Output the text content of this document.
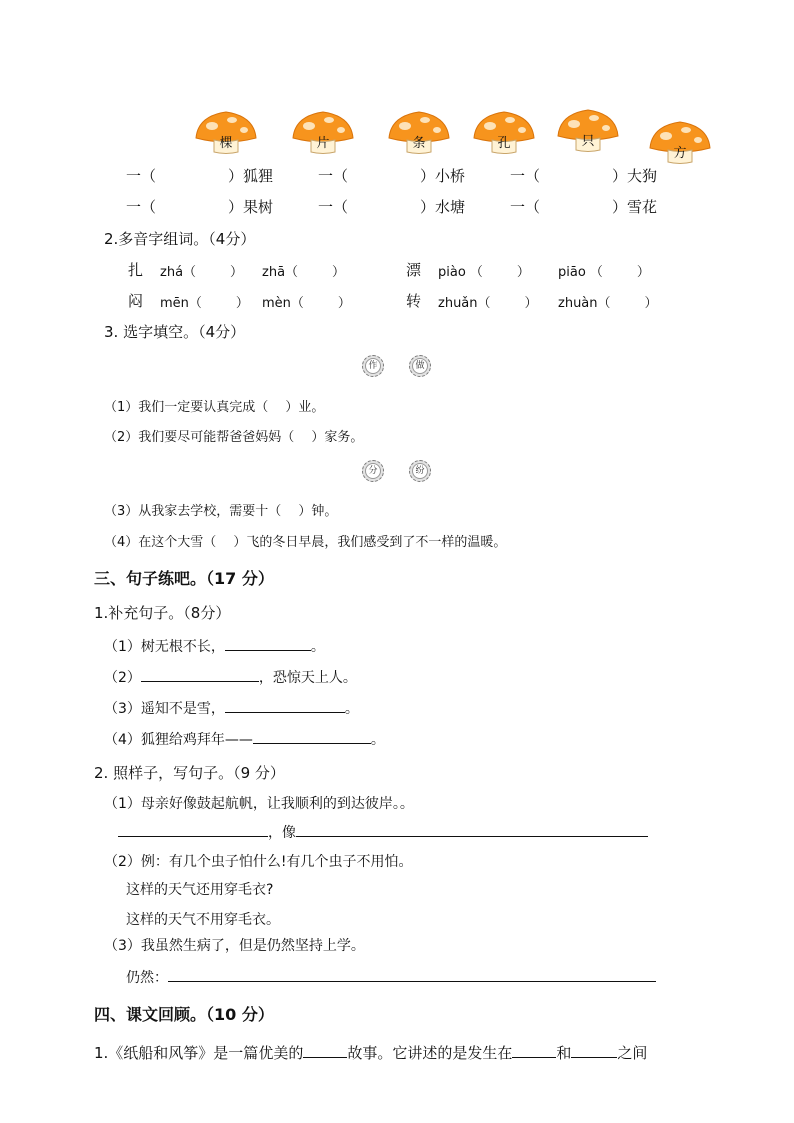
棵	片	条	孔	只
方
一（	）狐狸	一（	）小桥	一（	）大狗
一（	）果树	一（	）水塘	一（	）雪花
2.多音字组词。（4分）
扎 zhá（	） zhā（	）	漂 piào （	） piāo （	）
闷 mēn（	） mèn（	）	转 zhuǎn（	） zhuàn（	）
3. 选字填空。（4分）
作	做
（1）我们一定要认真完成（　 ）业。
（2）我们要尽可能帮爸爸妈妈（　 ）家务。
分	纷
（3）从我家去学校，需要十（　 ）钟。
（4）在这个大雪（　 ）飞的冬日早晨，我们感受到了不一样的温暖。
三、句子练吧。（17 分）
1.补充句子。（8分）
（1）树无根不长，	。
（2）	，恐惊天上人。
（3）遥知不是雪，	。
（4）狐狸给鸡拜年——	。
2. 照样子，写句子。（9 分）
（1）母亲好像鼓起航帆，让我顺利的到达彼岸。。
，像
（2）例：有几个虫子怕什么!有几个虫子不用怕。
这样的天气还用穿毛衣?
这样的天气不用穿毛衣。
（3）我虽然生病了，但是仍然坚持上学。
仍然：
四、课文回顾。（10 分）
1.《纸船和风筝》是一篇优美的	故事。它讲述的是发生在	和	之间
